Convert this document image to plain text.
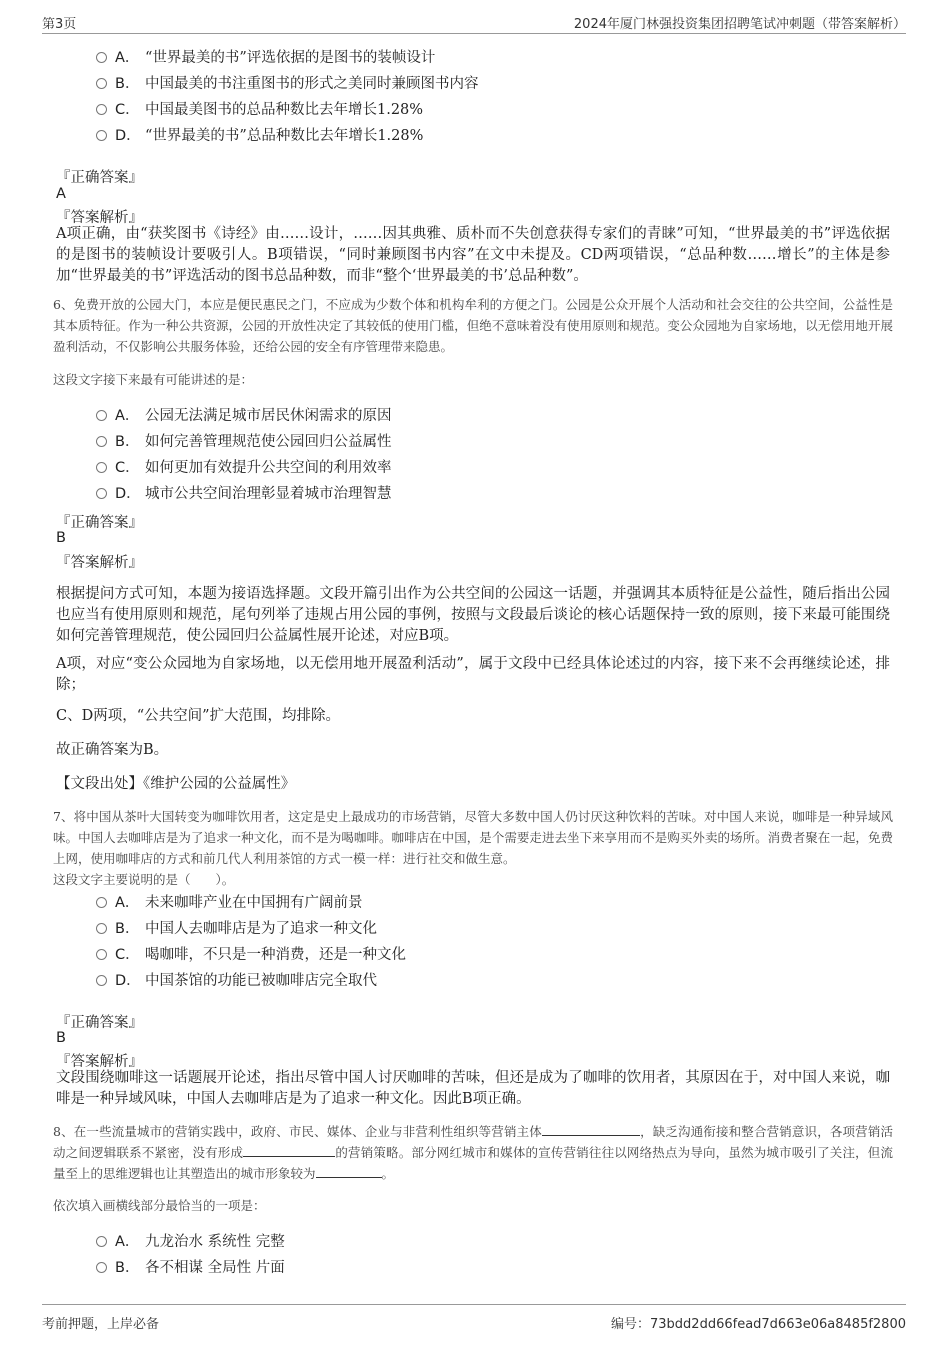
第3页	2024年厦门林强投资集团招聘笔试冲刺题（带答案解析）
A． “世界最美的书”评选依据的是图书的装帧设计
B． 中国最美的书注重图书的形式之美同时兼顾图书内容
C． 中国最美图书的总品种数比去年增长1.28%
D． “世界最美的书”总品种数比去年增长1.28%
『正确答案』
A
『答案解析』
A项正确，由“获奖图书《诗经》由……设计，……因其典雅、质朴而不失创意获得专家们的青睐”可知，“世界最美的书”评选依据的是图书的装帧设计要吸引人。B项错误，“同时兼顾图书内容”在文中未提及。CD两项错误，“总品种数……增长”的主体是参加“世界最美的书”评选活动的图书总品种数，而非“整个‘世界最美的书’总品种数”。
6、免费开放的公园大门，本应是便民惠民之门，不应成为少数个体和机构牟利的方便之门。公园是公众开展个人活动和社会交往的公共空间，公益性是其本质特征。作为一种公共资源，公园的开放性决定了其较低的使用门槛，但绝不意味着没有使用原则和规范。变公众园地为自家场地，以无偿用地开展盈利活动，不仅影响公共服务体验，还给公园的安全有序管理带来隐患。
这段文字接下来最有可能讲述的是：
A． 公园无法满足城市居民休闲需求的原因
B． 如何完善管理规范使公园回归公益属性
C． 如何更加有效提升公共空间的利用效率
D． 城市公共空间治理彰显着城市治理智慧
『正确答案』
B
『答案解析』
根据提问方式可知，本题为接语选择题。文段开篇引出作为公共空间的公园这一话题，并强调其本质特征是公益性，随后指出公园也应当有使用原则和规范，尾句列举了违规占用公园的事例，按照与文段最后谈论的核心话题保持一致的原则，接下来最可能围绕如何完善管理规范，使公园回归公益属性展开论述，对应B项。
A项，对应“变公众园地为自家场地，以无偿用地开展盈利活动”，属于文段中已经具体论述过的内容，接下来不会再继续论述，排除；
C、D两项，“公共空间”扩大范围，均排除。
故正确答案为B。
【文段出处】《维护公园的公益属性》
7、将中国从茶叶大国转变为咖啡饮用者，这定是史上最成功的市场营销，尽管大多数中国人仍讨厌这种饮料的苦味。对中国人来说，咖啡是一种异域风味。中国人去咖啡店是为了追求一种文化，而不是为喝咖啡。咖啡店在中国，是个需要走进去坐下来享用而不是购买外卖的场所。消费者聚在一起，免费上网，使用咖啡店的方式和前几代人利用茶馆的方式一模一样：进行社交和做生意。
这段文字主要说明的是（　　）。
A． 未来咖啡产业在中国拥有广阔前景
B． 中国人去咖啡店是为了追求一种文化
C． 喝咖啡，不只是一种消费，还是一种文化
D． 中国茶馆的功能已被咖啡店完全取代
『正确答案』
B
『答案解析』
文段围绕咖啡这一话题展开论述，指出尽管中国人讨厌咖啡的苦味，但还是成为了咖啡的饮用者，其原因在于，对中国人来说，咖啡是一种异域风味，中国人去咖啡店是为了追求一种文化。因此B项正确。
8、在一些流量城市的营销实践中，政府、市民、媒体、企业与非营利性组织等营销主体	，缺乏沟通衔接和整合营销意识，各项营销活动之间逻辑联系不紧密，没有形成	的营销策略。部分网红城市和媒体的宣传营销往往以网络热点为导向，虽然为城市吸引了关注，但流量至上的思维逻辑也让其塑造出的城市形象较为	。
依次填入画横线部分最恰当的一项是：
A． 九龙治水 系统性 完整
B． 各不相谋 全局性 片面
考前押题，上岸必备	编号：73bdd2dd66fead7d663e06a8485f2800
